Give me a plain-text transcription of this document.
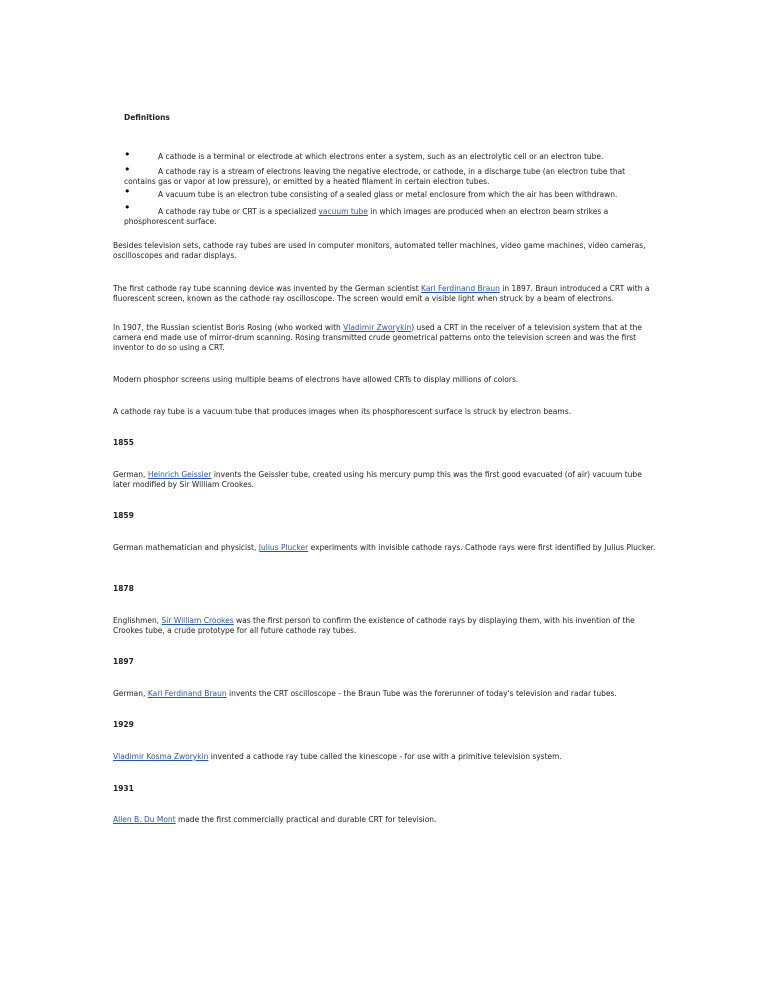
Definitions
•	A cathode is a terminal or electrode at which electrons enter a system, such as an electrolytic cell or an electron tube.
•	A cathode ray is a stream of electrons leaving the negative electrode, or cathode, in a discharge tube (an electron tube that contains gas or vapor at low pressure), or emitted by a heated filament in certain electron tubes.
•	A vacuum tube is an electron tube consisting of a sealed glass or metal enclosure from which the air has been withdrawn.
•	A cathode ray tube or CRT is a specialized vacuum tube in which images are produced when an electron beam strikes a phosphorescent surface.
Besides television sets, cathode ray tubes are used in computer monitors, automated teller machines, video game machines, video cameras, oscilloscopes and radar displays.
The first cathode ray tube scanning device was invented by the German scientist Karl Ferdinand Braun in 1897. Braun introduced a CRT with a fluorescent screen, known as the cathode ray oscilloscope. The screen would emit a visible light when struck by a beam of electrons.
In 1907, the Russian scientist Boris Rosing (who worked with Vladimir Zworykin) used a CRT in the receiver of a television system that at the camera end made use of mirror-drum scanning. Rosing transmitted crude geometrical patterns onto the television screen and was the first inventor to do so using a CRT.
Modern phosphor screens using multiple beams of electrons have allowed CRTs to display millions of colors.
A cathode ray tube is a vacuum tube that produces images when its phosphorescent surface is struck by electron beams.
1855
German, Heinrich Geissler invents the Geissler tube, created using his mercury pump this was the first good evacuated (of air) vacuum tube later modified by Sir William Crookes.
1859
German mathematician and physicist, Julius Plucker experiments with invisible cathode rays. Cathode rays were first identified by Julius Plucker.
1878
Englishmen, Sir William Crookes was the first person to confirm the existence of cathode rays by displaying them, with his invention of the Crookes tube, a crude prototype for all future cathode ray tubes.
1897
German, Karl Ferdinand Braun invents the CRT oscilloscope - the Braun Tube was the forerunner of today's television and radar tubes.
1929
Vladimir Kosma Zworykin invented a cathode ray tube called the kinescope - for use with a primitive television system.
1931
Allen B. Du Mont made the first commercially practical and durable CRT for television.
